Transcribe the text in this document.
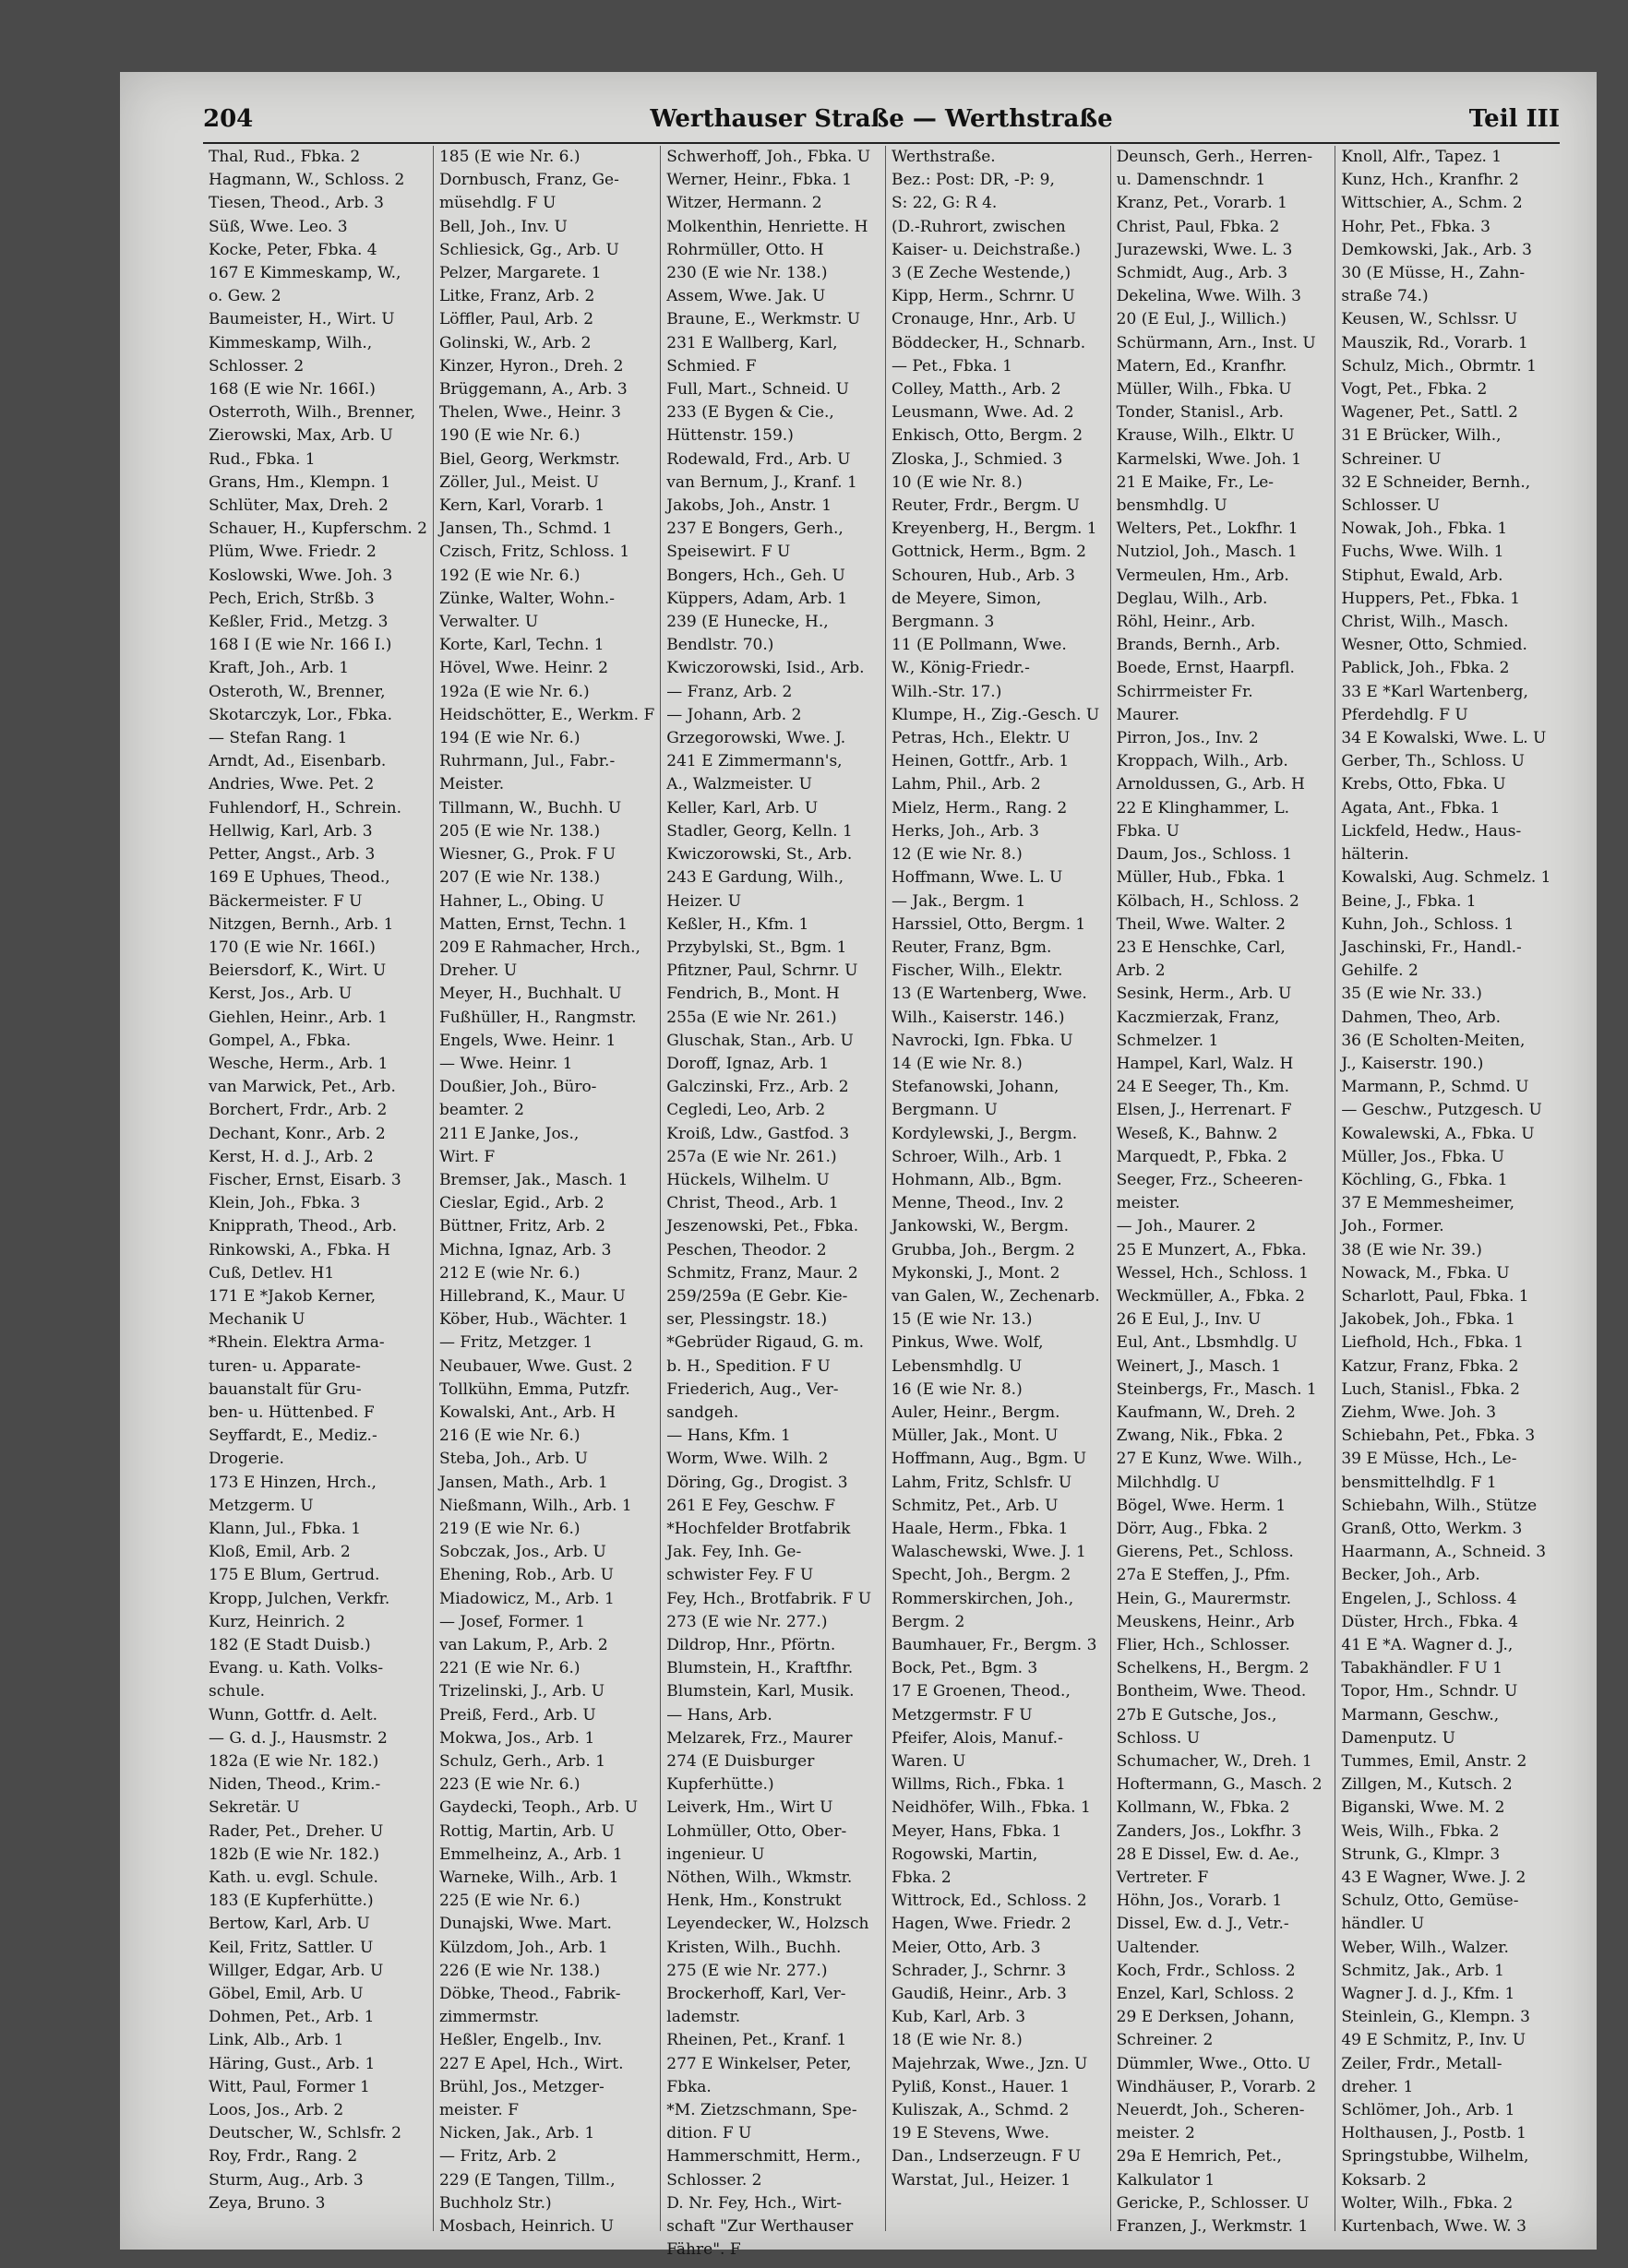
204	Werthauser Straße — Werthstraße	Teil III
Thal, Rud., Fbka. 2
Hagmann, W., Schloss. 2
Tiesen, Theod., Arb. 3
Süß, Wwe. Leo. 3
Kocke, Peter, Fbka. 4
167 E Kimmeskamp, W.,
o. Gew. 2
Baumeister, H., Wirt. U
Kimmeskamp, Wilh.,
Schlosser. 2
168 (E wie Nr. 166I.)
Osterroth, Wilh., Brenner,
Zierowski, Max, Arb. U
Rud., Fbka. 1
Grans, Hm., Klempn. 1
Schlüter, Max, Dreh. 2
Schauer, H., Kupferschm. 2
Plüm, Wwe. Friedr. 2
Koslowski, Wwe. Joh. 3
Pech, Erich, Strßb. 3
Keßler, Frid., Metzg. 3
168 I (E wie Nr. 166 I.)
Kraft, Joh., Arb. 1
Osteroth, W., Brenner,
Skotarczyk, Lor., Fbka.
— Stefan Rang. 1
Arndt, Ad., Eisenbarb.
Andries, Wwe. Pet. 2
Fuhlendorf, H., Schrein.
Hellwig, Karl, Arb. 3
Petter, Angst., Arb. 3
169 E Uphues, Theod.,
Bäckermeister. F U
Nitzgen, Bernh., Arb. 1
170 (E wie Nr. 166I.)
Beiersdorf, K., Wirt. U
Kerst, Jos., Arb. U
Giehlen, Heinr., Arb. 1
Gompel, A., Fbka.
Wesche, Herm., Arb. 1
van Marwick, Pet., Arb.
Borchert, Frdr., Arb. 2
Dechant, Konr., Arb. 2
Kerst, H. d. J., Arb. 2
Fischer, Ernst, Eisarb. 3
Klein, Joh., Fbka. 3
Knipprath, Theod., Arb.
Rinkowski, A., Fbka. H
Cuß, Detlev. H1
171 E *Jakob Kerner,
Mechanik U
*Rhein. Elektra Arma-
turen- u. Apparate-
bauanstalt für Gru-
ben- u. Hüttenbed. F
Seyffardt, E., Mediz.-
Drogerie.
173 E Hinzen, Hrch.,
Metzgerm. U
Klann, Jul., Fbka. 1
Kloß, Emil, Arb. 2
175 E Blum, Gertrud.
Kropp, Julchen, Verkfr.
Kurz, Heinrich. 2
182 (E Stadt Duisb.)
Evang. u. Kath. Volks-
schule.
Wunn, Gottfr. d. Aelt.
— G. d. J., Hausmstr. 2
182a (E wie Nr. 182.)
Niden, Theod., Krim.-
Sekretär. U
Rader, Pet., Dreher. U
182b (E wie Nr. 182.)
Kath. u. evgl. Schule.
183 (E Kupferhütte.)
Bertow, Karl, Arb. U
Keil, Fritz, Sattler. U
Willger, Edgar, Arb. U
Göbel, Emil, Arb. U
Dohmen, Pet., Arb. 1
Link, Alb., Arb. 1
Häring, Gust., Arb. 1
Witt, Paul, Former 1
Loos, Jos., Arb. 2
Deutscher, W., Schlsfr. 2
Roy, Frdr., Rang. 2
Sturm, Aug., Arb. 3
Zeya, Bruno. 3
185 (E wie Nr. 6.)
Dornbusch, Franz, Ge-
müsehdlg. F U
Bell, Joh., Inv. U
Schliesick, Gg., Arb. U
Pelzer, Margarete. 1
Litke, Franz, Arb. 2
Löffler, Paul, Arb. 2
Golinski, W., Arb. 2
Kinzer, Hyron., Dreh. 2
Brüggemann, A., Arb. 3
Thelen, Wwe., Heinr. 3
190 (E wie Nr. 6.)
Biel, Georg, Werkmstr.
Zöller, Jul., Meist. U
Kern, Karl, Vorarb. 1
Jansen, Th., Schmd. 1
Czisch, Fritz, Schloss. 1
192 (E wie Nr. 6.)
Zünke, Walter, Wohn.-
Verwalter. U
Korte, Karl, Techn. 1
Hövel, Wwe. Heinr. 2
192a (E wie Nr. 6.)
Heidschötter, E., Werkm. F
194 (E wie Nr. 6.)
Ruhrmann, Jul., Fabr.-
Meister.
Tillmann, W., Buchh. U
205 (E wie Nr. 138.)
Wiesner, G., Prok. F U
207 (E wie Nr. 138.)
Hahner, L., Obing. U
Matten, Ernst, Techn. 1
209 E Rahmacher, Hrch.,
Dreher. U
Meyer, H., Buchhalt. U
Fußhüller, H., Rangmstr.
Engels, Wwe. Heinr. 1
— Wwe. Heinr. 1
Doußier, Joh., Büro-
beamter. 2
211 E Janke, Jos.,
Wirt. F
Bremser, Jak., Masch. 1
Cieslar, Egid., Arb. 2
Büttner, Fritz, Arb. 2
Michna, Ignaz, Arb. 3
212 E (wie Nr. 6.)
Hillebrand, K., Maur. U
Köber, Hub., Wächter. 1
— Fritz, Metzger. 1
Neubauer, Wwe. Gust. 2
Tollkühn, Emma, Putzfr.
Kowalski, Ant., Arb. H
216 (E wie Nr. 6.)
Steba, Joh., Arb. U
Jansen, Math., Arb. 1
Nießmann, Wilh., Arb. 1
219 (E wie Nr. 6.)
Sobczak, Jos., Arb. U
Ehening, Rob., Arb. U
Miadowicz, M., Arb. 1
— Josef, Former. 1
van Lakum, P., Arb. 2
221 (E wie Nr. 6.)
Trizelinski, J., Arb. U
Preiß, Ferd., Arb. U
Mokwa, Jos., Arb. 1
Schulz, Gerh., Arb. 1
223 (E wie Nr. 6.)
Gaydecki, Teoph., Arb. U
Rottig, Martin, Arb. U
Emmelheinz, A., Arb. 1
Warneke, Wilh., Arb. 1
225 (E wie Nr. 6.)
Dunajski, Wwe. Mart.
Külzdom, Joh., Arb. 1
226 (E wie Nr. 138.)
Döbke, Theod., Fabrik-
zimmermstr.
Heßler, Engelb., Inv.
227 E Apel, Hch., Wirt.
Brühl, Jos., Metzger-
meister. F
Nicken, Jak., Arb. 1
— Fritz, Arb. 2
229 (E Tangen, Tillm.,
Buchholz Str.)
Mosbach, Heinrich. U
Schwerhoff, Joh., Fbka. U
Werner, Heinr., Fbka. 1
Witzer, Hermann. 2
Molkenthin, Henriette. H
Rohrmüller, Otto. H
230 (E wie Nr. 138.)
Assem, Wwe. Jak. U
Braune, E., Werkmstr. U
231 E Wallberg, Karl,
Schmied. F
Full, Mart., Schneid. U
233 (E Bygen & Cie.,
Hüttenstr. 159.)
Rodewald, Frd., Arb. U
van Bernum, J., Kranf. 1
Jakobs, Joh., Anstr. 1
237 E Bongers, Gerh.,
Speisewirt. F U
Bongers, Hch., Geh. U
Küppers, Adam, Arb. 1
239 (E Hunecke, H.,
Bendlstr. 70.)
Kwiczorowski, Isid., Arb.
— Franz, Arb. 2
— Johann, Arb. 2
Grzegorowski, Wwe. J.
241 E Zimmermann's,
A., Walzmeister. U
Keller, Karl, Arb. U
Stadler, Georg, Kelln. 1
Kwiczorowski, St., Arb.
243 E Gardung, Wilh.,
Heizer. U
Keßler, H., Kfm. 1
Przybylski, St., Bgm. 1
Pfitzner, Paul, Schrnr. U
Fendrich, B., Mont. H
255a (E wie Nr. 261.)
Gluschak, Stan., Arb. U
Doroff, Ignaz, Arb. 1
Galczinski, Frz., Arb. 2
Cegledi, Leo, Arb. 2
Kroiß, Ldw., Gastfod. 3
257a (E wie Nr. 261.)
Hückels, Wilhelm. U
Christ, Theod., Arb. 1
Jeszenowski, Pet., Fbka.
Peschen, Theodor. 2
Schmitz, Franz, Maur. 2
259/259a (E Gebr. Kie-
ser, Plessingstr. 18.)
*Gebrüder Rigaud, G. m.
b. H., Spedition. F U
Friederich, Aug., Ver-
sandgeh.
— Hans, Kfm. 1
Worm, Wwe. Wilh. 2
Döring, Gg., Drogist. 3
261 E Fey, Geschw. F
*Hochfelder Brotfabrik
Jak. Fey, Inh. Ge-
schwister Fey. F U
Fey, Hch., Brotfabrik. F U
273 (E wie Nr. 277.)
Dildrop, Hnr., Pförtn.
Blumstein, H., Kraftfhr.
Blumstein, Karl, Musik.
— Hans, Arb.
Melzarek, Frz., Maurer
274 (E Duisburger
Kupferhütte.)
Leiverk, Hm., Wirt U
Lohmüller, Otto, Ober-
ingenieur. U
Nöthen, Wilh., Wkmstr.
Henk, Hm., Konstrukt
Leyendecker, W., Holzsch
Kristen, Wilh., Buchh.
275 (E wie Nr. 277.)
Brockerhoff, Karl, Ver-
lademstr.
Rheinen, Pet., Kranf. 1
277 E Winkelser, Peter,
Fbka.
*M. Zietzschmann, Spe-
dition. F U
Hammerschmitt, Herm.,
Schlosser. 2
D. Nr. Fey, Hch., Wirt-
schaft "Zur Werthauser
Fähre". F
Werthstraße.
Bez.: Post: DR, -P: 9,
S: 22, G: R 4.
(D.-Ruhrort, zwischen
Kaiser- u. Deichstraße.)
3 (E Zeche Westende,)
Kipp, Herm., Schrnr. U
Cronauge, Hnr., Arb. U
Böddecker, H., Schnarb.
— Pet., Fbka. 1
Colley, Matth., Arb. 2
Leusmann, Wwe. Ad. 2
Enkisch, Otto, Bergm. 2
Zloska, J., Schmied. 3
10 (E wie Nr. 8.)
Reuter, Frdr., Bergm. U
Kreyenberg, H., Bergm. 1
Gottnick, Herm., Bgm. 2
Schouren, Hub., Arb. 3
de Meyere, Simon,
Bergmann. 3
11 (E Pollmann, Wwe.
W., König-Friedr.-
Wilh.-Str. 17.)
Klumpe, H., Zig.-Gesch. U
Petras, Hch., Elektr. U
Heinen, Gottfr., Arb. 1
Lahm, Phil., Arb. 2
Mielz, Herm., Rang. 2
Herks, Joh., Arb. 3
12 (E wie Nr. 8.)
Hoffmann, Wwe. L. U
— Jak., Bergm. 1
Harssiel, Otto, Bergm. 1
Reuter, Franz, Bgm.
Fischer, Wilh., Elektr.
13 (E Wartenberg, Wwe.
Wilh., Kaiserstr. 146.)
Navrocki, Ign. Fbka. U
14 (E wie Nr. 8.)
Stefanowski, Johann,
Bergmann. U
Kordylewski, J., Bergm.
Schroer, Wilh., Arb. 1
Hohmann, Alb., Bgm.
Menne, Theod., Inv. 2
Jankowski, W., Bergm.
Grubba, Joh., Bergm. 2
Mykonski, J., Mont. 2
van Galen, W., Zechenarb.
15 (E wie Nr. 13.)
Pinkus, Wwe. Wolf,
Lebensmhdlg. U
16 (E wie Nr. 8.)
Auler, Heinr., Bergm.
Müller, Jak., Mont. U
Hoffmann, Aug., Bgm. U
Lahm, Fritz, Schlsfr. U
Schmitz, Pet., Arb. U
Haale, Herm., Fbka. 1
Walaschewski, Wwe. J. 1
Specht, Joh., Bergm. 2
Rommerskirchen, Joh.,
Bergm. 2
Baumhauer, Fr., Bergm. 3
Bock, Pet., Bgm. 3
17 E Groenen, Theod.,
Metzgermstr. F U
Pfeifer, Alois, Manuf.-
Waren. U
Willms, Rich., Fbka. 1
Neidhöfer, Wilh., Fbka. 1
Meyer, Hans, Fbka. 1
Rogowski, Martin,
Fbka. 2
Wittrock, Ed., Schloss. 2
Hagen, Wwe. Friedr. 2
Meier, Otto, Arb. 3
Schrader, J., Schrnr. 3
Gaudiß, Heinr., Arb. 3
Kub, Karl, Arb. 3
18 (E wie Nr. 8.)
Majehrzak, Wwe., Jzn. U
Pyliß, Konst., Hauer. 1
Kuliszak, A., Schmd. 2
19 E Stevens, Wwe.
Dan., Lndserzeugn. F U
Warstat, Jul., Heizer. 1
Deunsch, Gerh., Herren-
u. Damenschndr. 1
Kranz, Pet., Vorarb. 1
Christ, Paul, Fbka. 2
Jurazewski, Wwe. L. 3
Schmidt, Aug., Arb. 3
Dekelina, Wwe. Wilh. 3
20 (E Eul, J., Willich.)
Schürmann, Arn., Inst. U
Matern, Ed., Kranfhr.
Müller, Wilh., Fbka. U
Tonder, Stanisl., Arb.
Krause, Wilh., Elktr. U
Karmelski, Wwe. Joh. 1
21 E Maike, Fr., Le-
bensmhdlg. U
Welters, Pet., Lokfhr. 1
Nutziol, Joh., Masch. 1
Vermeulen, Hm., Arb.
Deglau, Wilh., Arb.
Röhl, Heinr., Arb.
Brands, Bernh., Arb.
Boede, Ernst, Haarpfl.
Schirrmeister Fr.
Maurer.
Pirron, Jos., Inv. 2
Kroppach, Wilh., Arb.
Arnoldussen, G., Arb. H
22 E Klinghammer, L.
Fbka. U
Daum, Jos., Schloss. 1
Müller, Hub., Fbka. 1
Kölbach, H., Schloss. 2
Theil, Wwe. Walter. 2
23 E Henschke, Carl,
Arb. 2
Sesink, Herm., Arb. U
Kaczmierzak, Franz,
Schmelzer. 1
Hampel, Karl, Walz. H
24 E Seeger, Th., Km.
Elsen, J., Herrenart. F
Weseß, K., Bahnw. 2
Marquedt, P., Fbka. 2
Seeger, Frz., Scheeren-
meister.
— Joh., Maurer. 2
25 E Munzert, A., Fbka.
Wessel, Hch., Schloss. 1
Weckmüller, A., Fbka. 2
26 E Eul, J., Inv. U
Eul, Ant., Lbsmhdlg. U
Weinert, J., Masch. 1
Steinbergs, Fr., Masch. 1
Kaufmann, W., Dreh. 2
Zwang, Nik., Fbka. 2
27 E Kunz, Wwe. Wilh.,
Milchhdlg. U
Bögel, Wwe. Herm. 1
Dörr, Aug., Fbka. 2
Gierens, Pet., Schloss.
27a E Steffen, J., Pfm.
Hein, G., Maurermstr.
Meuskens, Heinr., Arb
Flier, Hch., Schlosser.
Schelkens, H., Bergm. 2
Bontheim, Wwe. Theod.
27b E Gutsche, Jos.,
Schloss. U
Schumacher, W., Dreh. 1
Hoftermann, G., Masch. 2
Kollmann, W., Fbka. 2
Zanders, Jos., Lokfhr. 3
28 E Dissel, Ew. d. Ae.,
Vertreter. F
Höhn, Jos., Vorarb. 1
Dissel, Ew. d. J., Vetr.-
Ualtender.
Koch, Frdr., Schloss. 2
Enzel, Karl, Schloss. 2
29 E Derksen, Johann,
Schreiner. 2
Dümmler, Wwe., Otto. U
Windhäuser, P., Vorarb. 2
Neuerdt, Joh., Scheren-
meister. 2
29a E Hemrich, Pet.,
Kalkulator 1
Gericke, P., Schlosser. U
Franzen, J., Werkmstr. 1
Knoll, Alfr., Tapez. 1
Kunz, Hch., Kranfhr. 2
Wittschier, A., Schm. 2
Hohr, Pet., Fbka. 3
Demkowski, Jak., Arb. 3
30 (E Müsse, H., Zahn-
straße 74.)
Keusen, W., Schlssr. U
Mauszik, Rd., Vorarb. 1
Schulz, Mich., Obrmtr. 1
Vogt, Pet., Fbka. 2
Wagener, Pet., Sattl. 2
31 E Brücker, Wilh.,
Schreiner. U
32 E Schneider, Bernh.,
Schlosser. U
Nowak, Joh., Fbka. 1
Fuchs, Wwe. Wilh. 1
Stiphut, Ewald, Arb.
Huppers, Pet., Fbka. 1
Christ, Wilh., Masch.
Wesner, Otto, Schmied.
Pablick, Joh., Fbka. 2
33 E *Karl Wartenberg,
Pferdehdlg. F U
34 E Kowalski, Wwe. L. U
Gerber, Th., Schloss. U
Krebs, Otto, Fbka. U
Agata, Ant., Fbka. 1
Lickfeld, Hedw., Haus-
hälterin.
Kowalski, Aug. Schmelz. 1
Beine, J., Fbka. 1
Kuhn, Joh., Schloss. 1
Jaschinski, Fr., Handl.-
Gehilfe. 2
35 (E wie Nr. 33.)
Dahmen, Theo, Arb.
36 (E Scholten-Meiten,
J., Kaiserstr. 190.)
Marmann, P., Schmd. U
— Geschw., Putzgesch. U
Kowalewski, A., Fbka. U
Müller, Jos., Fbka. U
Köchling, G., Fbka. 1
37 E Memmesheimer,
Joh., Former.
38 (E wie Nr. 39.)
Nowack, M., Fbka. U
Scharlott, Paul, Fbka. 1
Jakobek, Joh., Fbka. 1
Liefhold, Hch., Fbka. 1
Katzur, Franz, Fbka. 2
Luch, Stanisl., Fbka. 2
Ziehm, Wwe. Joh. 3
Schiebahn, Pet., Fbka. 3
39 E Müsse, Hch., Le-
bensmittelhdlg. F 1
Schiebahn, Wilh., Stütze
Granß, Otto, Werkm. 3
Haarmann, A., Schneid. 3
Becker, Joh., Arb.
Engelen, J., Schloss. 4
Düster, Hrch., Fbka. 4
41 E *A. Wagner d. J.,
Tabakhändler. F U 1
Topor, Hm., Schndr. U
Marmann, Geschw.,
Damenputz. U
Tummes, Emil, Anstr. 2
Zillgen, M., Kutsch. 2
Biganski, Wwe. M. 2
Weis, Wilh., Fbka. 2
Strunk, G., Klmpr. 3
43 E Wagner, Wwe. J. 2
Schulz, Otto, Gemüse-
händler. U
Weber, Wilh., Walzer.
Schmitz, Jak., Arb. 1
Wagner J. d. J., Kfm. 1
Steinlein, G., Klempn. 3
49 E Schmitz, P., Inv. U
Zeiler, Frdr., Metall-
dreher. 1
Schlömer, Joh., Arb. 1
Holthausen, J., Postb. 1
Springstubbe, Wilhelm,
Koksarb. 2
Wolter, Wilh., Fbka. 2
Kurtenbach, Wwe. W. 3
